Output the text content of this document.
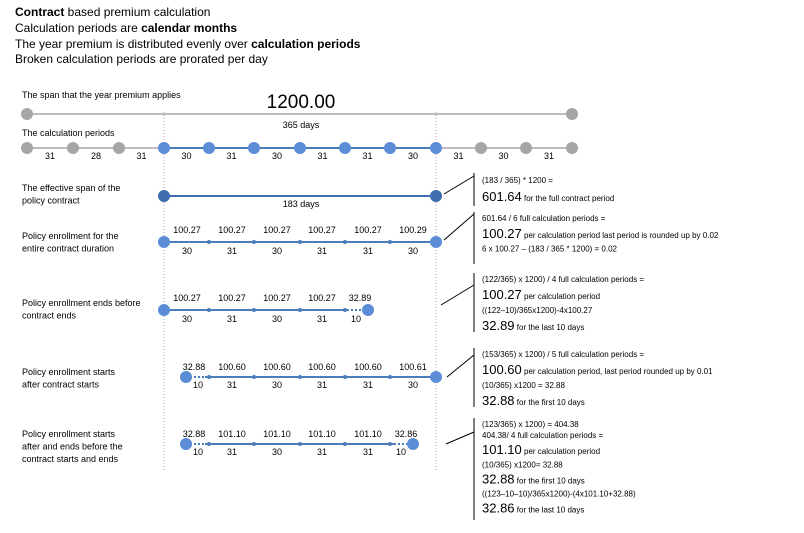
Contract based premium calculation
Calculation periods are calendar months
The year premium is distributed evenly over calculation periods
Broken calculation periods are prorated per day
The span that the year premium applies
The calculation periods
The effective span of the
policy contract
Policy enrollment for the
entire contract duration
Policy enrollment ends before
contract ends
Policy enrollment starts
after contract starts
Policy enrollment starts
after and ends before the
contract starts and ends
1200.00
365 days
31	28	31	30	31	30	31	31	30	31	30	31
183 days
100.27 100.27 100.27 100.27 100.27 100.29
30	31	30	31	31	30
100.27 100.27 100.27 100.27 32.89
30	31	30	31	10
32.88 100.60 100.60 100.60 100.60 100.61
10	31	30	31	31	30
32.88 101.10 101.10 101.10 101.10 32.86
10	31	30	31	31	10
(183 / 365) * 1200 =
601.64 for the full contract period
601.64 / 6 full calculation periods =
100.27 per calculation period last period is rounded up by 0.02
6 x 100.27 – (183 / 365 * 1200) = 0.02
(122/365) x 1200) / 4 full calculation periods =
100.27 per calculation period
((122–10)/365x1200)-4x100.27
32.89 for the last 10 days
(153/365) x 1200) / 5 full calculation periods =
100.60 per calculation period, last period rounded up by 0.01
(10/365) x1200 = 32.88
32.88 for the first 10 days
(123/365) x 1200) = 404.38
404.38/ 4 full calculation periods =
101.10 per calculation period
(10/365) x1200= 32.88
32.88 for the first 10 days
((123–10–10)/365x1200)-(4x101.10+32.88)
32.86 for the last 10 days
